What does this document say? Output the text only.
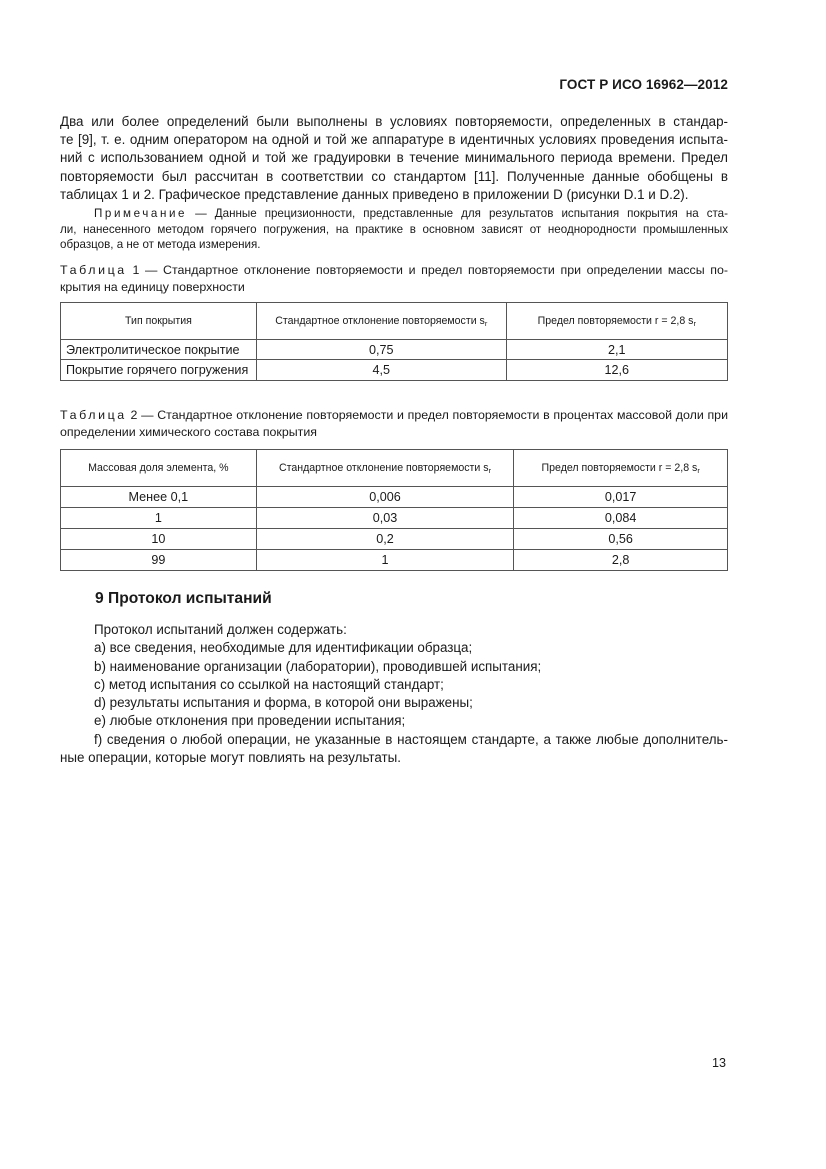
ГОСТ Р ИСО 16962—2012
Два или более определений были выполнены в условиях повторяемости, определенных в стандар-
те [9], т. е. одним оператором на одной и той же аппаратуре в идентичных условиях проведения испыта-
ний с использованием одной и той же градуировки в течение минимального периода времени. Предел
повторяемости был рассчитан в соответствии со стандартом [11]. Полученные данные обобщены в
таблицах 1 и 2. Графическое представление данных приведено в приложении D (рисунки D.1 и D.2).
Примечание — Данные прецизионности, представленные для результатов испытания покрытия на ста-
ли, нанесенного методом горячего погружения, на практике в основном зависят от неоднородности промышленных
образцов, а не от метода измерения.
Таблица 1 — Стандартное отклонение повторяемости и предел повторяемости при определении массы по-
крытия на единицу поверхности
Тип покрытия	Стандартное отклонение повторяемости $s_r$	Предел повторяемости r = 2,8 $s_r$
Электролитическое покрытие	0,75	2,1
Покрытие горячего погружения	4,5	12,6
Таблица 2 — Стандартное отклонение повторяемости и предел повторяемости в процентах массовой доли при
определении химического состава покрытия
Массовая доля элемента, %	Стандартное отклонение повторяемости $s_r$	Предел повторяемости r = 2,8 $s_r$
Менее 0,1	0,006	0,017
1	0,03	0,084
10	0,2	0,56
99	1	2,8
9 Протокол испытаний
Протокол испытаний должен содержать:
a) все сведения, необходимые для идентификации образца;
b) наименование организации (лаборатории), проводившей испытания;
c) метод испытания со ссылкой на настоящий стандарт;
d) результаты испытания и форма, в которой они выражены;
e) любые отклонения при проведении испытания;
f) сведения о любой операции, не указанные в настоящем стандарте, а также любые дополнитель-
ные операции, которые могут повлиять на результаты.
13
